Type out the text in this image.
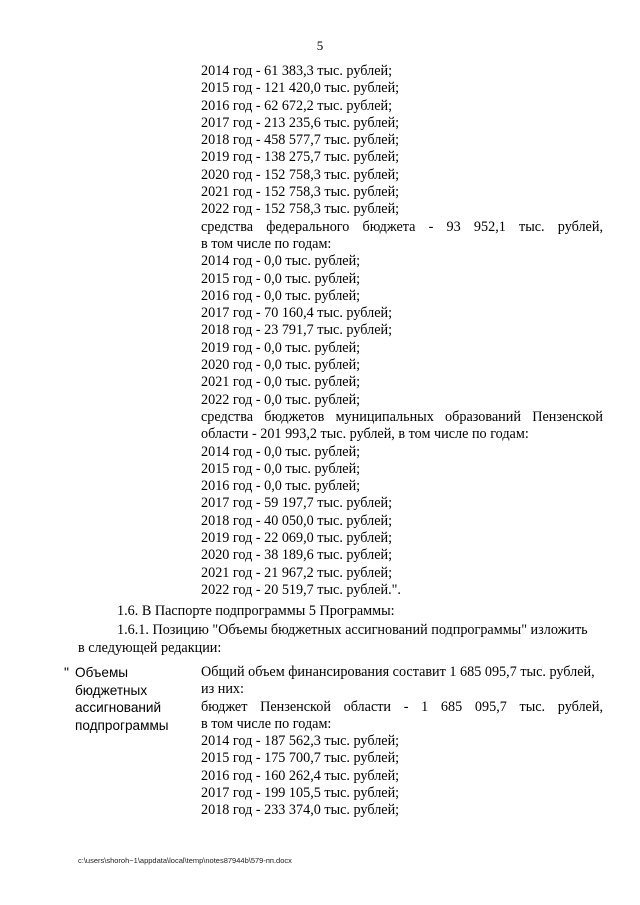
5
2014 год - 61 383,3 тыс. рублей;
2015 год - 121 420,0 тыс. рублей;
2016 год - 62 672,2 тыс. рублей;
2017 год - 213 235,6 тыс. рублей;
2018 год - 458 577,7 тыс. рублей;
2019 год - 138 275,7 тыс. рублей;
2020 год - 152 758,3 тыс. рублей;
2021 год - 152 758,3 тыс. рублей;
2022 год - 152 758,3 тыс. рублей;
средства федерального бюджета - 93 952,1 тыс. рублей,
в том числе по годам:
2014 год - 0,0 тыс. рублей;
2015 год - 0,0 тыс. рублей;
2016 год - 0,0 тыс. рублей;
2017 год - 70 160,4 тыс. рублей;
2018 год - 23 791,7 тыс. рублей;
2019 год - 0,0 тыс. рублей;
2020 год - 0,0 тыс. рублей;
2021 год - 0,0 тыс. рублей;
2022 год - 0,0 тыс. рублей;
средства бюджетов муниципальных образований Пензенской
области - 201 993,2 тыс. рублей, в том числе по годам:
2014 год - 0,0 тыс. рублей;
2015 год - 0,0 тыс. рублей;
2016 год - 0,0 тыс. рублей;
2017 год - 59 197,7 тыс. рублей;
2018 год - 40 050,0 тыс. рублей;
2019 год - 22 069,0 тыс. рублей;
2020 год - 38 189,6 тыс. рублей;
2021 год - 21 967,2 тыс. рублей;
2022 год - 20 519,7 тыс. рублей.".
1.6. В Паспорте подпрограммы 5 Программы:
1.6.1. Позицию "Объемы бюджетных ассигнований подпрограммы" изложить
в следующей редакции:
" Объемы
бюджетных
ассигнований
подпрограммы
Общий объем финансирования составит 1 685 095,7 тыс. рублей,
из них:
бюджет Пензенской области - 1 685 095,7 тыс. рублей,
в том числе по годам:
2014 год - 187 562,3 тыс. рублей;
2015 год - 175 700,7 тыс. рублей;
2016 год - 160 262,4 тыс. рублей;
2017 год - 199 105,5 тыс. рублей;
2018 год - 233 374,0 тыс. рублей;
c:\users\shoroh~1\appdata\local\temp\notes87944b\579-пп.docx
